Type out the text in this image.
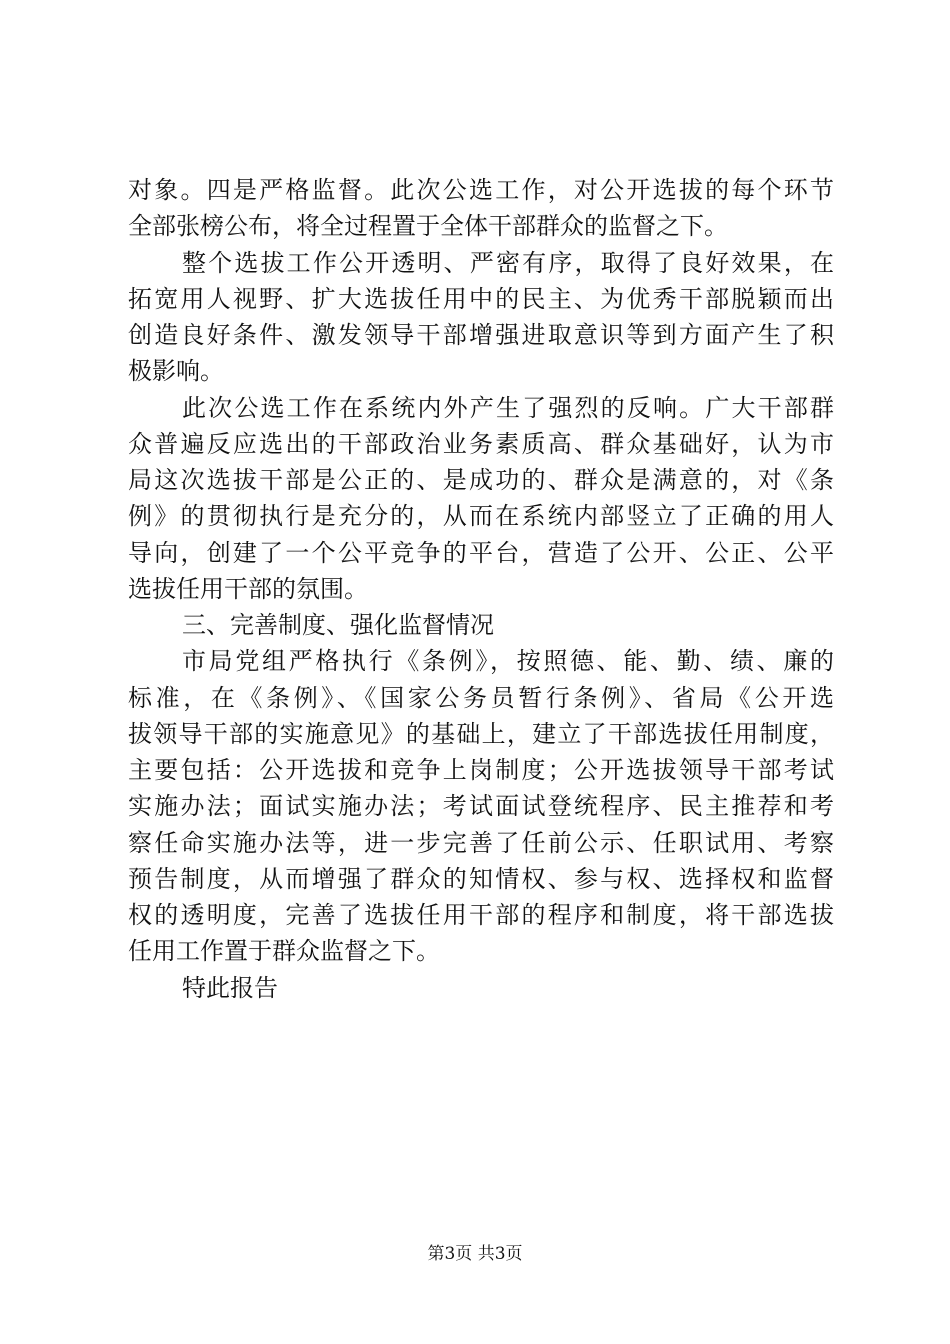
对象。四是严格监督。此次公选工作，对公开选拔的每个环节
全部张榜公布，将全过程置于全体干部群众的监督之下。
整个选拔工作公开透明、严密有序，取得了良好效果，在
拓宽用人视野、扩大选拔任用中的民主、为优秀干部脱颖而出
创造良好条件、激发领导干部增强进取意识等到方面产生了积
极影响。
此次公选工作在系统内外产生了强烈的反响。广大干部群
众普遍反应选出的干部政治业务素质高、群众基础好，认为市
局这次选拔干部是公正的、是成功的、群众是满意的，对《条
例》的贯彻执行是充分的，从而在系统内部竖立了正确的用人
导向，创建了一个公平竞争的平台，营造了公开、公正、公平
选拔任用干部的氛围。
三、完善制度、强化监督情况
市局党组严格执行《条例》，按照德、能、勤、绩、廉的
标准，在《条例》、《国家公务员暂行条例》、省局《公开选
拔领导干部的实施意见》的基础上，建立了干部选拔任用制度，
主要包括：公开选拔和竞争上岗制度；公开选拔领导干部考试
实施办法；面试实施办法；考试面试登统程序、民主推荐和考
察任命实施办法等，进一步完善了任前公示、任职试用、考察
预告制度，从而增强了群众的知情权、参与权、选择权和监督
权的透明度，完善了选拔任用干部的程序和制度，将干部选拔
任用工作置于群众监督之下。
特此报告
第3页 共3页
